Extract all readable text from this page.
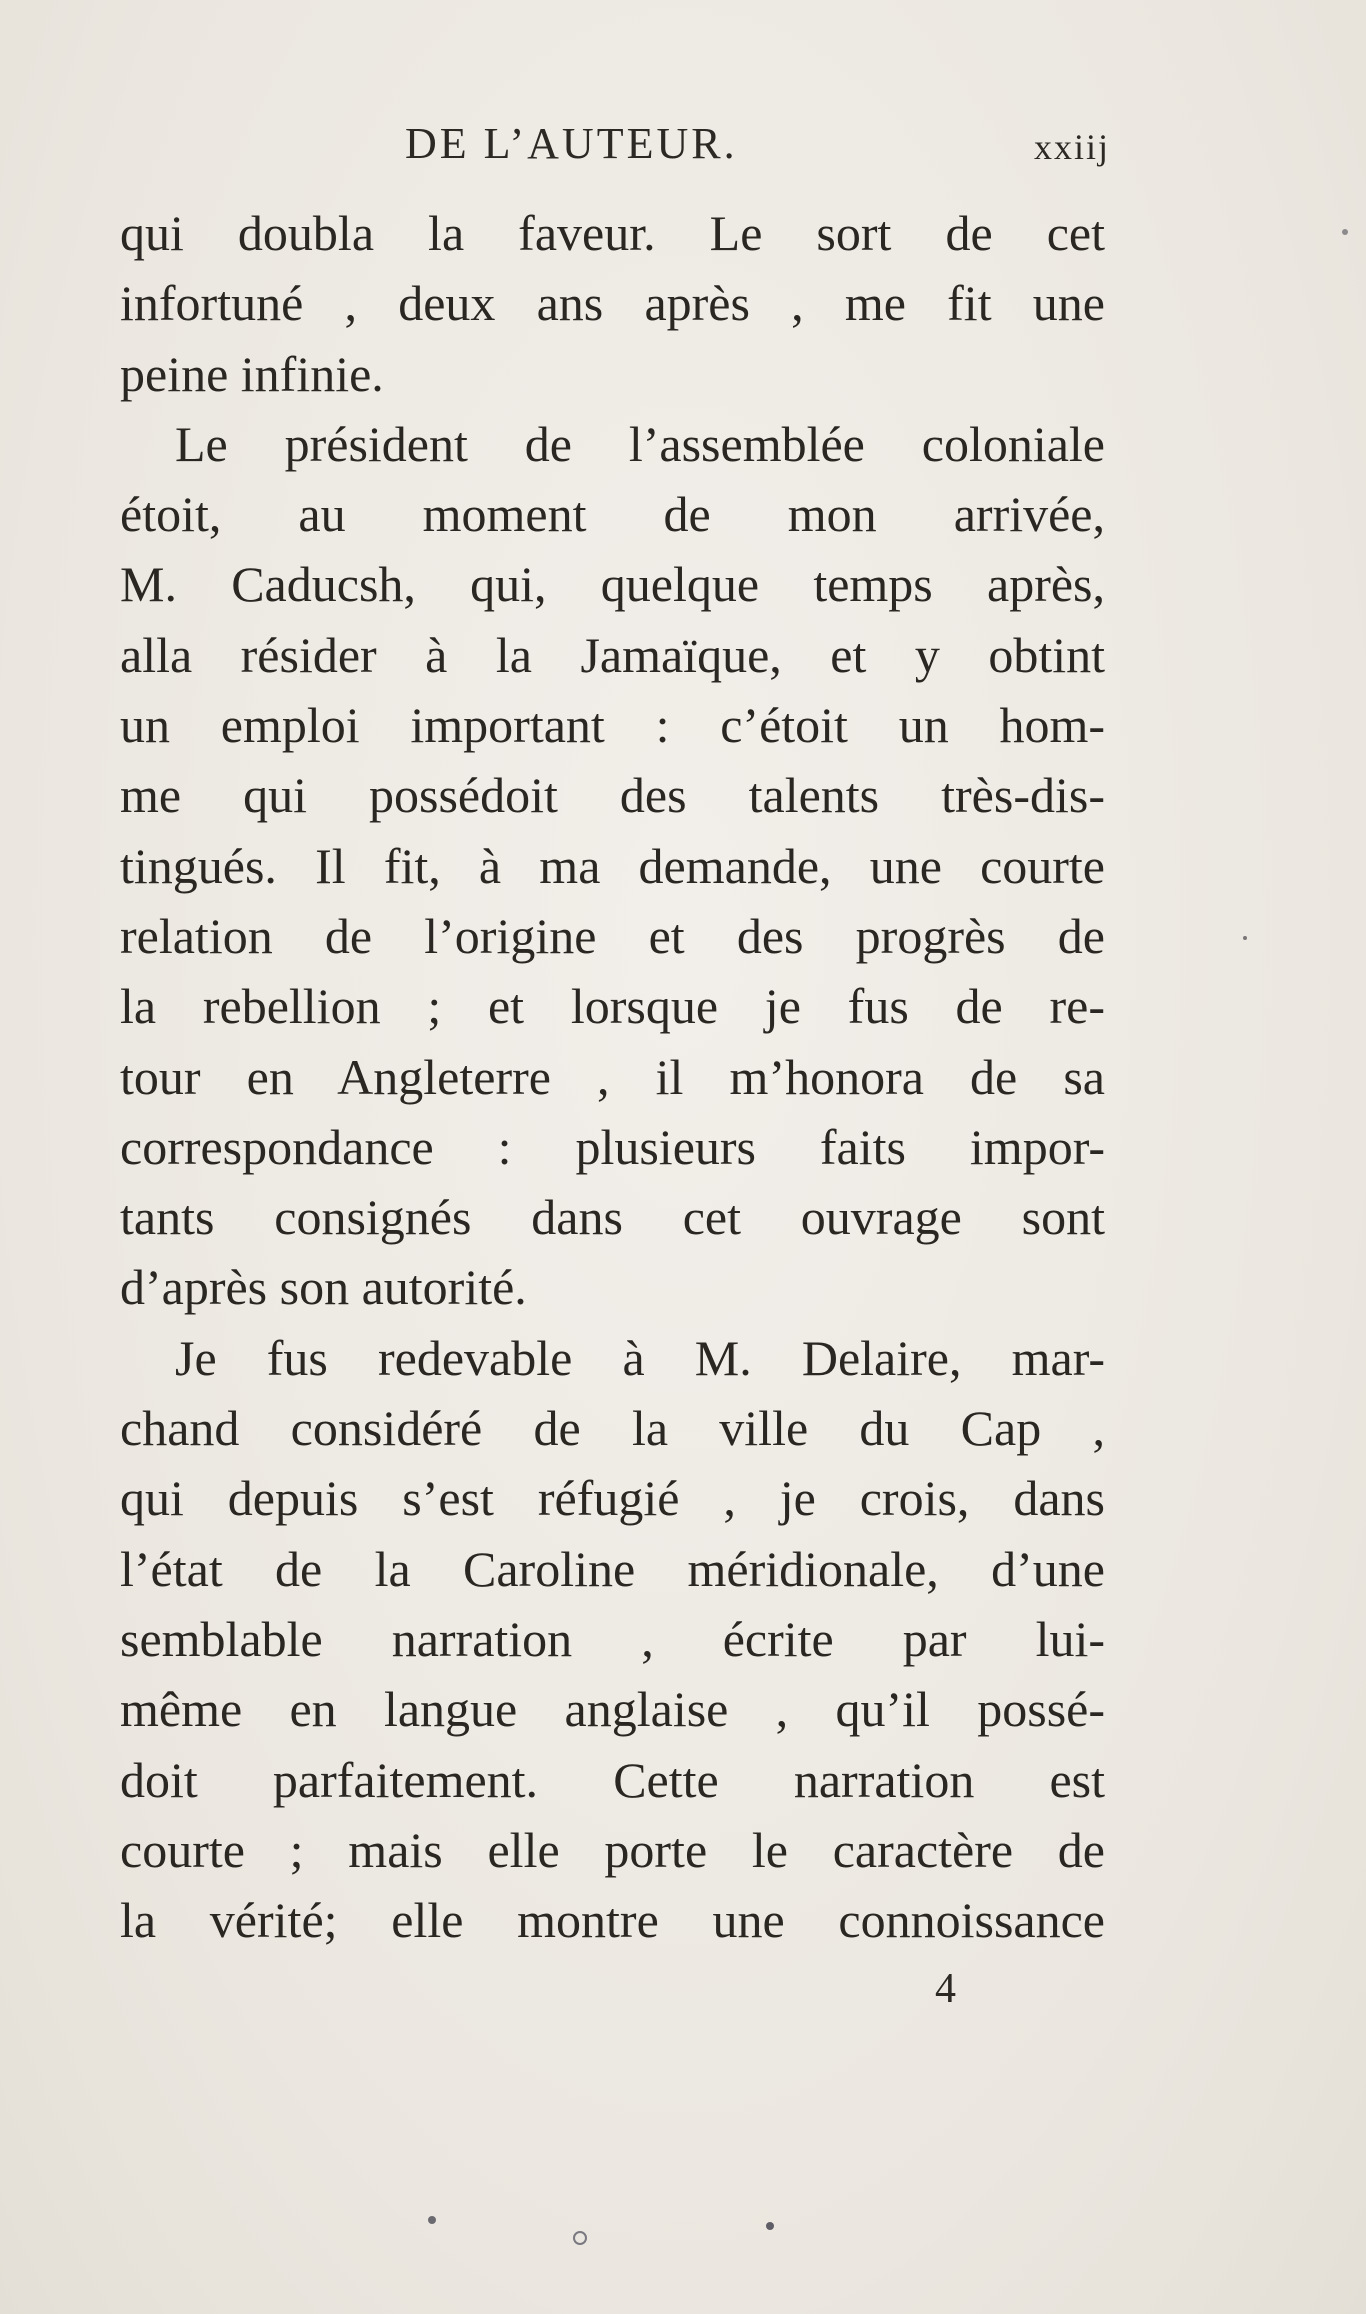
DE L’AUTEUR.	xxiij
qui doubla la faveur. Le sort de cet
infortuné , deux ans après , me fit une
peine infinie.
Le président de l’assemblée coloniale
étoit, au moment de mon arrivée,
M. Caducsh, qui, quelque temps après,
alla résider à la Jamaïque, et y obtint
un emploi important : c’étoit un hom-
me qui possédoit des talents très-dis-
tingués. Il fit, à ma demande, une courte
relation de l’origine et des progrès de
la rebellion ; et lorsque je fus de re-
tour en Angleterre , il m’honora de sa
correspondance : plusieurs faits impor-
tants consignés dans cet ouvrage sont
d’après son autorité.
Je fus redevable à M. Delaire, mar-
chand considéré de la ville du Cap ,
qui depuis s’est réfugié , je crois, dans
l’état de la Caroline méridionale, d’une
semblable narration , écrite par lui-
même en langue anglaise , qu’il possé-
doit parfaitement. Cette narration est
courte ; mais elle porte le caractère de
la vérité; elle montre une connoissance
4
